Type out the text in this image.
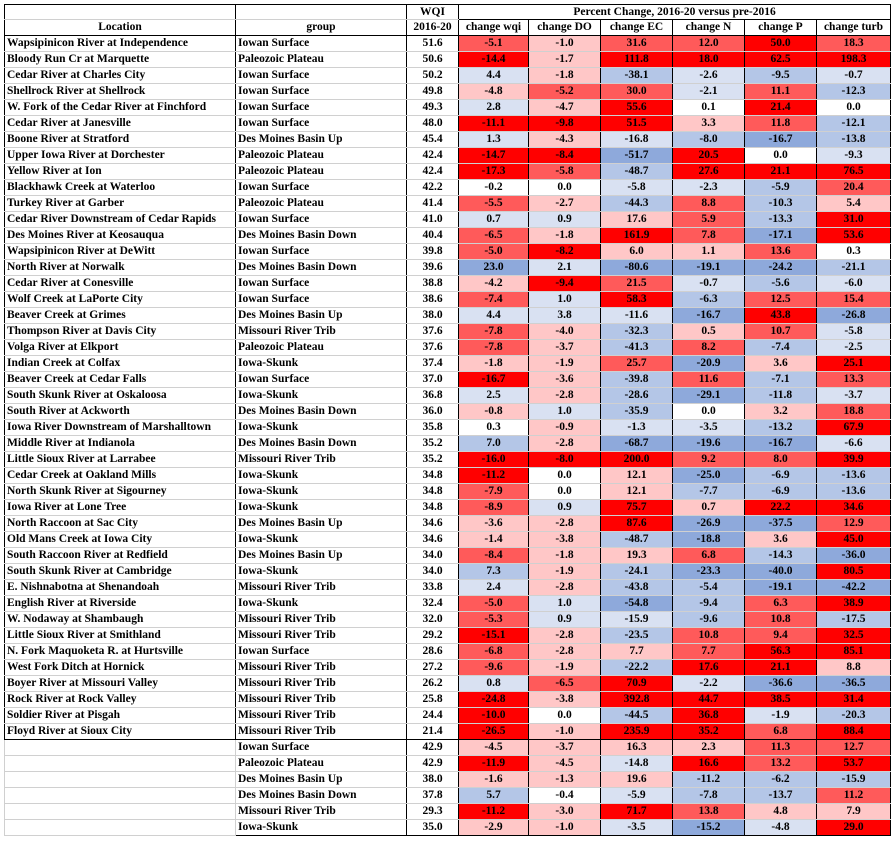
		WQI	Percent Change, 2016-20 versus pre-2016					
Location	group	2016-20	change wqi	change DO	change EC	change N	change P	change turb
Wapsipinicon River at Independence	Iowan Surface	51.6	-5.1	-1.0	31.6	12.0	50.0	18.3
Bloody Run Cr at Marquette	Paleozoic Plateau	50.6	-14.4	-1.7	111.8	18.0	62.5	198.3
Cedar River at Charles City	Iowan Surface	50.2	4.4	-1.8	-38.1	-2.6	-9.5	-0.7
Shellrock River at Shellrock	Iowan Surface	49.8	-4.8	-5.2	30.0	-2.1	11.1	-12.3
W. Fork of the Cedar River at Finchford	Iowan Surface	49.3	2.8	-4.7	55.6	0.1	21.4	0.0
Cedar River at Janesville	Iowan Surface	48.0	-11.1	-9.8	51.5	3.3	11.8	-12.1
Boone River at Stratford	Des Moines Basin Up	45.4	1.3	-4.3	-16.8	-8.0	-16.7	-13.8
Upper Iowa River at Dorchester	Paleozoic Plateau	42.4	-14.7	-8.4	-51.7	20.5	0.0	-9.3
Yellow River at Ion	Paleozoic Plateau	42.4	-17.3	-5.8	-48.7	27.6	21.1	76.5
Blackhawk Creek at Waterloo	Iowan Surface	42.2	-0.2	0.0	-5.8	-2.3	-5.9	20.4
Turkey River at Garber	Paleozoic Plateau	41.4	-5.5	-2.7	-44.3	8.8	-10.3	5.4
Cedar River Downstream of Cedar Rapids	Iowan Surface	41.0	0.7	0.9	17.6	5.9	-13.3	31.0
Des Moines River at Keosauqua	Des Moines Basin Down	40.4	-6.5	-1.8	161.9	7.8	-17.1	53.6
Wapsipinicon River at DeWitt	Iowan Surface	39.8	-5.0	-8.2	6.0	1.1	13.6	0.3
North River at Norwalk	Des Moines Basin Down	39.6	23.0	2.1	-80.6	-19.1	-24.2	-21.1
Cedar River at Conesville	Iowan Surface	38.8	-4.2	-9.4	21.5	-0.7	-5.6	-6.0
Wolf Creek at LaPorte City	Iowan Surface	38.6	-7.4	1.0	58.3	-6.3	12.5	15.4
Beaver Creek at Grimes	Des Moines Basin Up	38.0	4.4	3.8	-11.6	-16.7	43.8	-26.8
Thompson River at Davis City	Missouri River Trib	37.6	-7.8	-4.0	-32.3	0.5	10.7	-5.8
Volga River at Elkport	Paleozoic Plateau	37.6	-7.8	-3.7	-41.3	8.2	-7.4	-2.5
Indian Creek at Colfax	Iowa-Skunk	37.4	-1.8	-1.9	25.7	-20.9	3.6	25.1
Beaver Creek at Cedar Falls	Iowan Surface	37.0	-16.7	-3.6	-39.8	11.6	-7.1	13.3
South Skunk River at Oskaloosa	Iowa-Skunk	36.8	2.5	-2.8	-28.6	-29.1	-11.8	-3.7
South River at Ackworth	Des Moines Basin Down	36.0	-0.8	1.0	-35.9	0.0	3.2	18.8
Iowa River Downstream of Marshalltown	Iowa-Skunk	35.8	0.3	-0.9	-1.3	-3.5	-13.2	67.9
Middle River at Indianola	Des Moines Basin Down	35.2	7.0	-2.8	-68.7	-19.6	-16.7	-6.6
Little Sioux River at Larrabee	Missouri River Trib	35.2	-16.0	-8.0	200.0	9.2	8.0	39.9
Cedar Creek at Oakland Mills	Iowa-Skunk	34.8	-11.2	0.0	12.1	-25.0	-6.9	-13.6
North Skunk River at Sigourney	Iowa-Skunk	34.8	-7.9	0.0	12.1	-7.7	-6.9	-13.6
Iowa River at Lone Tree	Iowa-Skunk	34.8	-8.9	0.9	75.7	0.7	22.2	34.6
North Raccoon at Sac City	Des Moines Basin Up	34.6	-3.6	-2.8	87.6	-26.9	-37.5	12.9
Old Mans Creek at Iowa City	Iowa-Skunk	34.6	-1.4	-3.8	-48.7	-18.8	3.6	45.0
South Raccoon River at Redfield	Des Moines Basin Up	34.0	-8.4	-1.8	19.3	6.8	-14.3	-36.0
South Skunk River at Cambridge	Iowa-Skunk	34.0	7.3	-1.9	-24.1	-23.3	-40.0	80.5
E. Nishnabotna at Shenandoah	Missouri River Trib	33.8	2.4	-2.8	-43.8	-5.4	-19.1	-42.2
English River at Riverside	Iowa-Skunk	32.4	-5.0	1.0	-54.8	-9.4	6.3	38.9
W. Nodaway at Shambaugh	Missouri River Trib	32.0	-5.3	0.9	-15.9	-9.6	10.8	-17.5
Little Sioux River at Smithland	Missouri River Trib	29.2	-15.1	-2.8	-23.5	10.8	9.4	32.5
N. Fork Maquoketa R. at Hurtsville	Iowan Surface	28.6	-6.8	-2.8	7.7	7.7	56.3	85.1
West Fork Ditch at Hornick	Missouri River Trib	27.2	-9.6	-1.9	-22.2	17.6	21.1	8.8
Boyer River at Missouri Valley	Missouri River Trib	26.2	0.8	-6.5	70.9	-2.2	-36.6	-36.5
Rock River at Rock Valley	Missouri River Trib	25.8	-24.8	-3.8	392.8	44.7	38.5	31.4
Soldier River at Pisgah	Missouri River Trib	24.4	-10.0	0.0	-44.5	36.8	-1.9	-20.3
Floyd River at Sioux City	Missouri River Trib	21.4	-26.5	-1.0	235.9	35.2	6.8	88.4
	Iowan Surface	42.9	-4.5	-3.7	16.3	2.3	11.3	12.7
	Paleozoic Plateau	42.9	-11.9	-4.5	-14.8	16.6	13.2	53.7
	Des Moines Basin Up	38.0	-1.6	-1.3	19.6	-11.2	-6.2	-15.9
	Des Moines Basin Down	37.8	5.7	-0.4	-5.9	-7.8	-13.7	11.2
	Missouri River Trib	29.3	-11.2	-3.0	71.7	13.8	4.8	7.9
	Iowa-Skunk	35.0	-2.9	-1.0	-3.5	-15.2	-4.8	29.0
